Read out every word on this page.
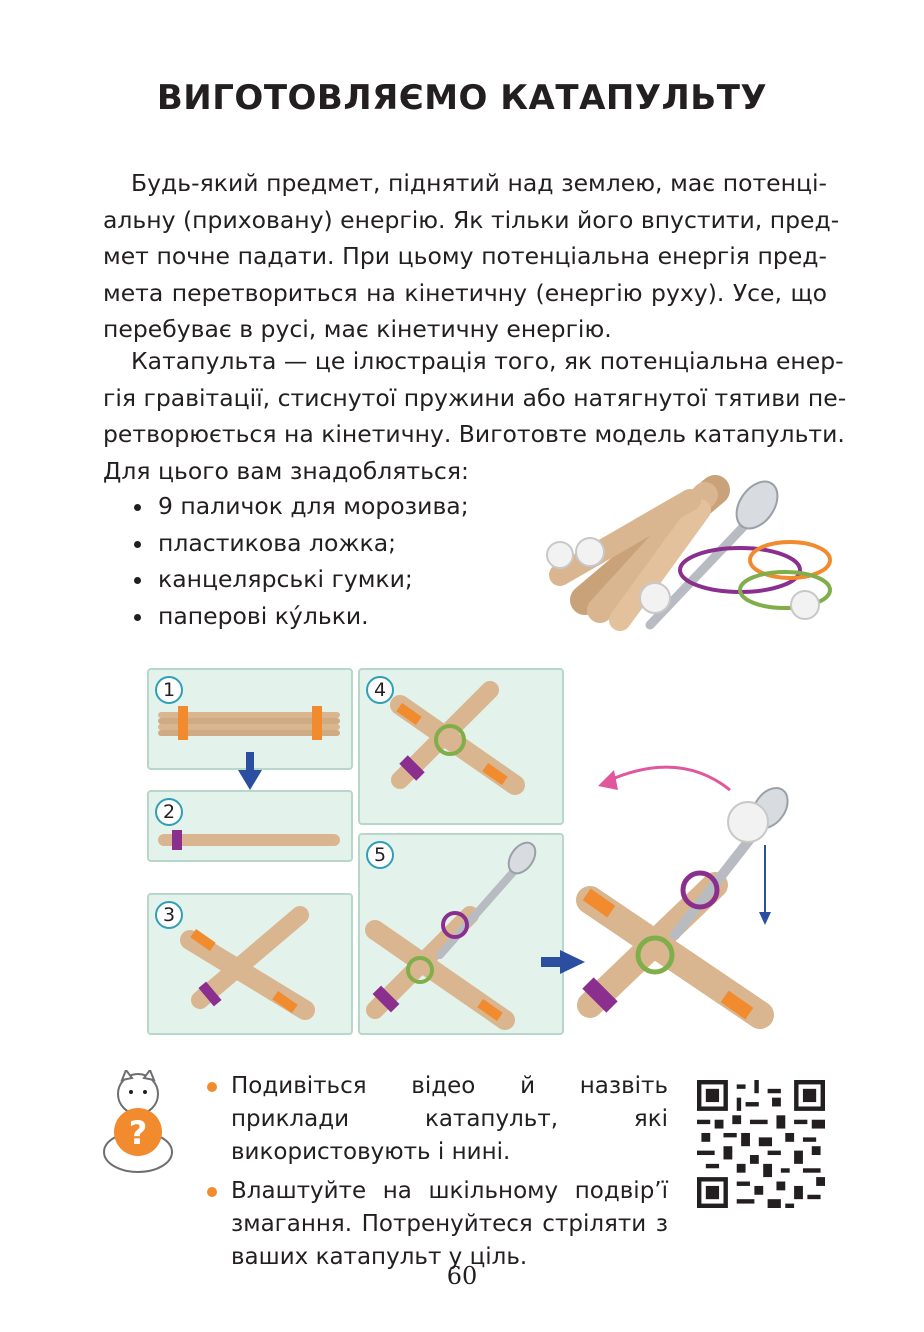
ВИГОТОВЛЯЄМО КАТАПУЛЬТУ
Будь-який предмет, піднятий над землею, має потенці-
альну (приховану) енергію. Як тільки його впустити, пред-
мет почне падати. При цьому потенціальна енергія пред-
мета перетвориться на кінетичну (енергію руху). Усе, що
перебуває в русі, має кінетичну енергію.
Катапульта — це ілюстрація того, як потенціальна енер-
гія гравітації, стиснутої пружини або натягнутої тятиви пе-
ретворюється на кінетичну. Виготовте модель катапульти.
Для цього вам знадобляться:
9 паличок для морозива;
пластикова ложка;
канцелярські гумки;
паперові ку́льки.
1
2
3
4
5
?
Подивіться відео й назвіть приклади катапульт, які використовують і нині.
Влаштуйте на шкільному подвір’ї змагання. Потренуйтеся стріляти з ваших катапульт у ціль.
60
